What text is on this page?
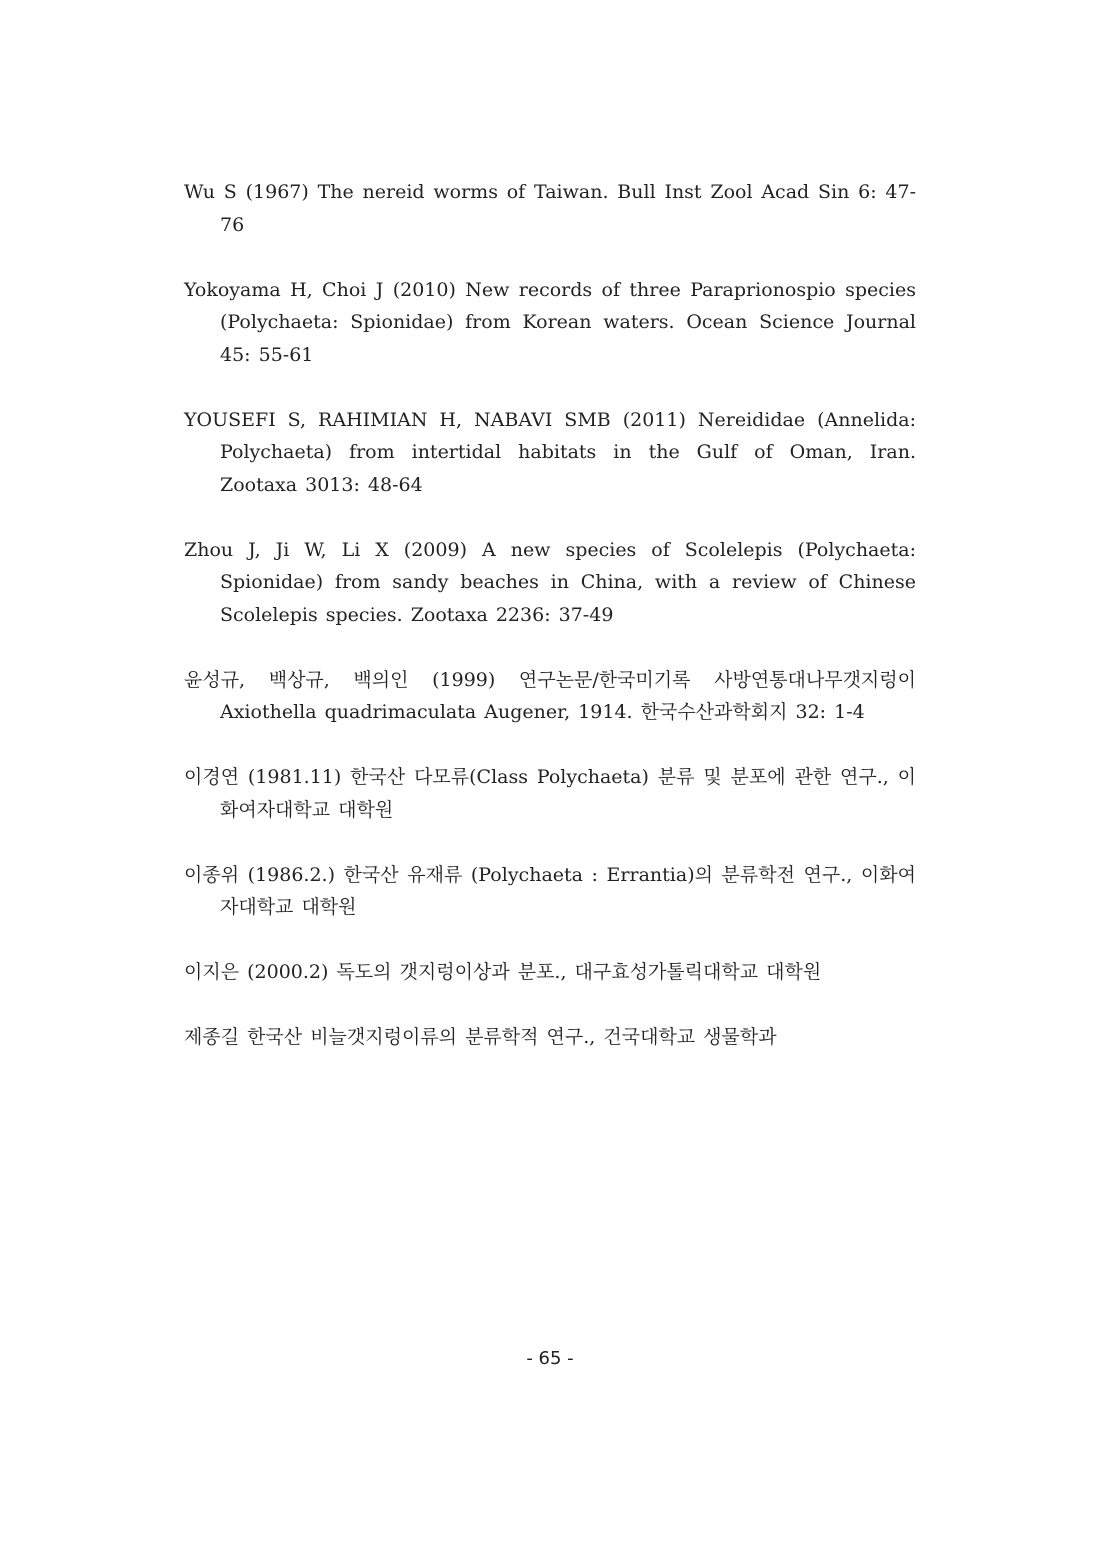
Wu S (1967) The nereid worms of Taiwan. Bull Inst Zool Acad Sin 6: 47-76

Yokoyama H, Choi J (2010) New records of three Paraprionospio species (Polychaeta: Spionidae) from Korean waters. Ocean Science Journal 45: 55-61

YOUSEFI S, RAHIMIAN H, NABAVI SMB (2011) Nereididae (Annelida: Polychaeta) from intertidal habitats in the Gulf of Oman, Iran. Zootaxa 3013: 48-64

Zhou J, Ji W, Li X (2009) A new species of Scolelepis (Polychaeta: Spionidae) from sandy beaches in China, with a review of Chinese Scolelepis species. Zootaxa 2236: 37-49

윤성규, 백상규, 백의인 (1999) 연구논문/한국미기록 사방연통대나무갯지렁이 Axiothella quadrimaculata Augener, 1914. 한국수산과학회지 32: 1-4

이경연 (1981.11) 한국산 다모류(Class Polychaeta) 분류 및 분포에 관한 연구., 이화여자대학교 대학원

이종위 (1986.2.) 한국산 유재류 (Polychaeta : Errantia)의 분류학전 연구., 이화여자대학교 대학원

이지은 (2000.2) 독도의 갯지렁이상과 분포., 대구효성가톨릭대학교 대학원

제종길 한국산 비늘갯지렁이류의 분류학적 연구., 건국대학교 생물학과

- 65 -
